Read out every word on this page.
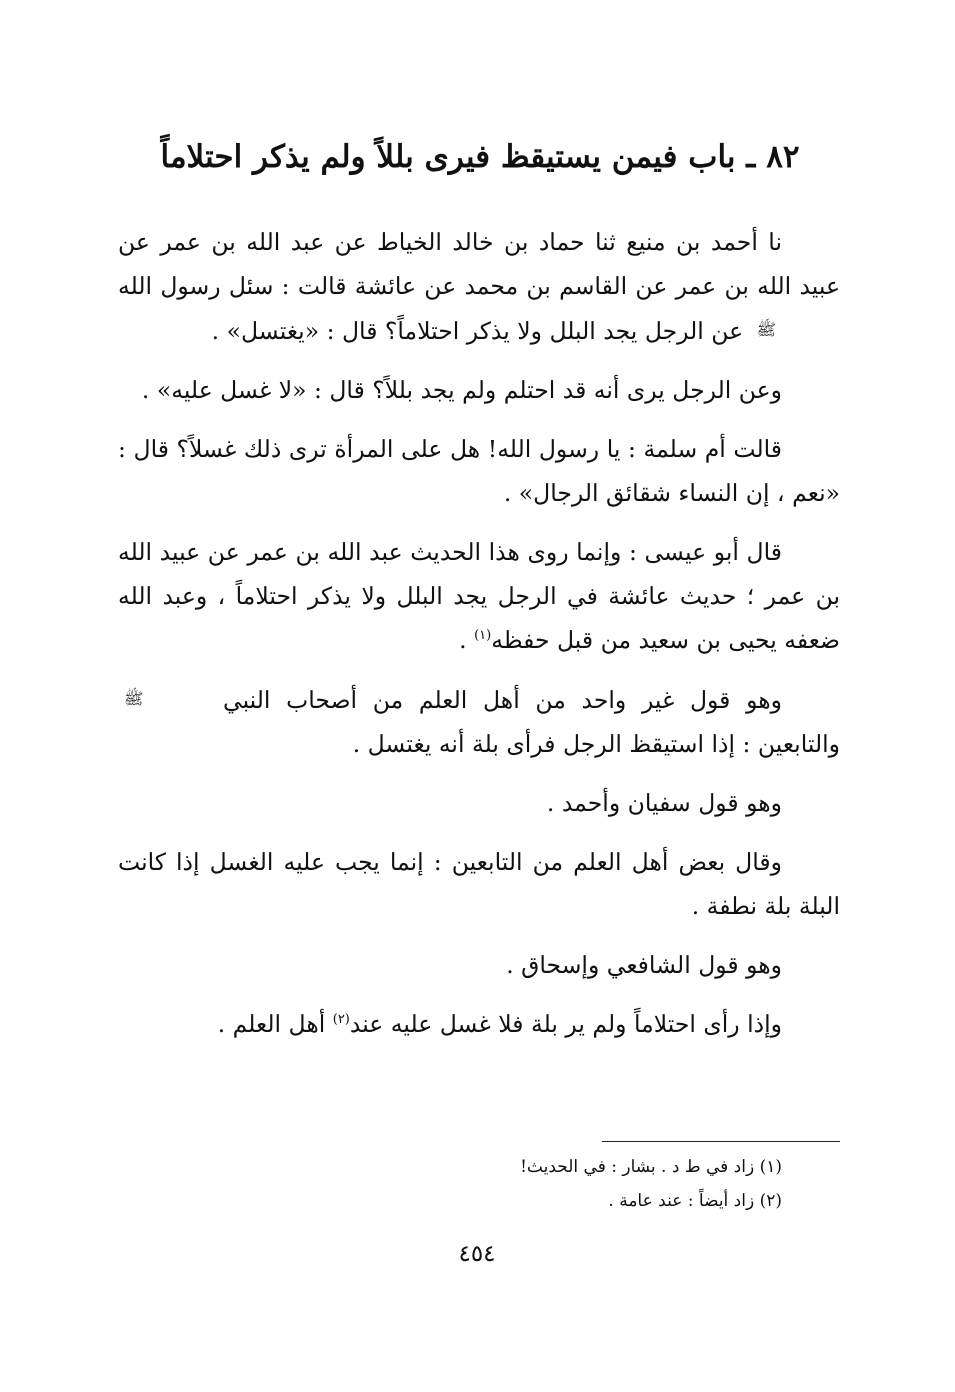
٨٢ ـ باب فيمن يستيقظ فيرى بللاً ولم يذكر احتلاماً

نا أحمد بن منيع ثنا حماد بن خالد الخياط عن عبد الله بن عمر عن عبيد الله بن عمر عن القاسم بن محمد عن عائشة قالت : سئل رسول الله ﷺ عن الرجل يجد البلل ولا يذكر احتلاماً؟ قال : «يغتسل» .

وعن الرجل يرى أنه قد احتلم ولم يجد بللاً؟ قال : «لا غسل عليه» .

قالت أم سلمة : يا رسول الله! هل على المرأة ترى ذلك غسلاً؟ قال : «نعم ، إن النساء شقائق الرجال» .

قال أبو عيسى : وإنما روى هذا الحديث عبد الله بن عمر عن عبيد الله بن عمر ؛ حديث عائشة في الرجل يجد البلل ولا يذكر احتلاماً ، وعبد الله ضعفه يحيى بن سعيد من قبل حفظه$^{(١)}$ .

وهو قول غير واحد من أهل العلم من أصحاب النبي ﷺ والتابعين : إذا استيقظ الرجل فرأى بلة أنه يغتسل .

وهو قول سفيان وأحمد .

وقال بعض أهل العلم من التابعين : إنما يجب عليه الغسل إذا كانت البلة بلة نطفة .

وهو قول الشافعي وإسحاق .

وإذا رأى احتلاماً ولم ير بلة فلا غسل عليه عند$^{(٢)}$ أهل العلم .

(١) زاد في ط د . بشار : في الحديث!

(٢) زاد أيضاً : عند عامة .

٤٥٤
